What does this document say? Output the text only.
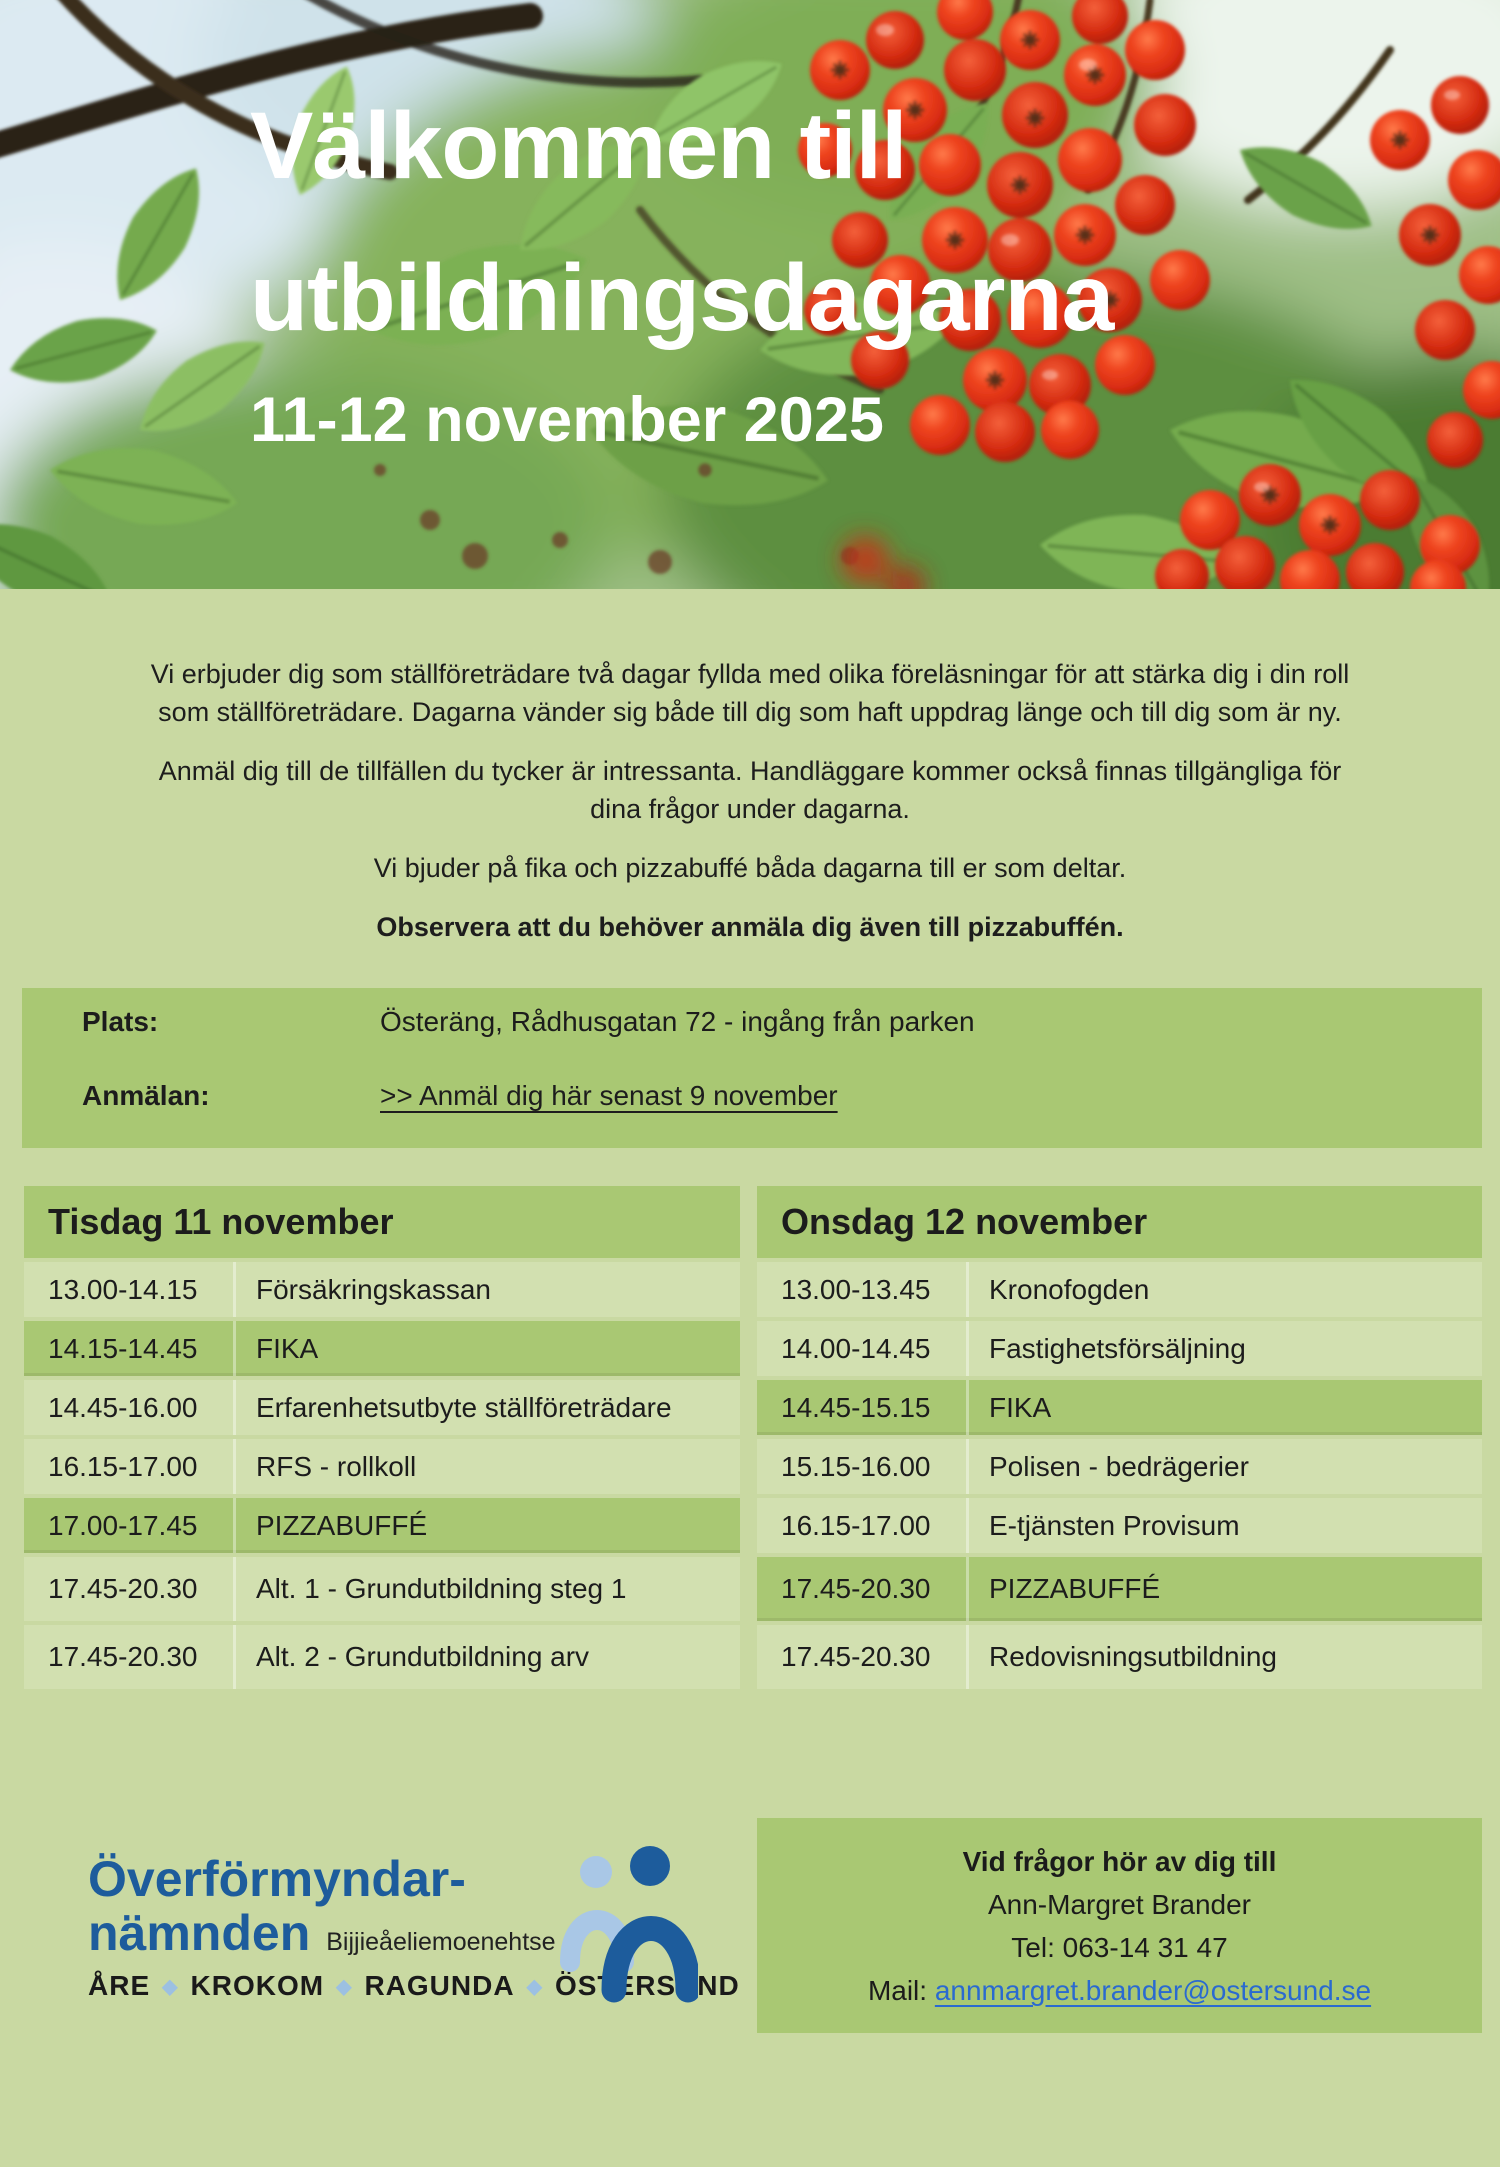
Välkommen till
utbildningsdagarna
11-12 november 2025

Vi erbjuder dig som ställföreträdare två dagar fyllda med olika föreläsningar för att stärka dig i din roll
som ställföreträdare. Dagarna vänder sig både till dig som haft uppdrag länge och till dig som är ny.

Anmäl dig till de tillfällen du tycker är intressanta. Handläggare kommer också finnas tillgängliga för
dina frågor under dagarna.

Vi bjuder på fika och pizzabuffé båda dagarna till er som deltar.

Observera att du behöver anmäla dig även till pizzabuffén.

Plats:	Österäng, Rådhusgatan 72 - ingång från parken
Anmälan:	>> Anmäl dig här senast 9 november
Tisdag 11 november
13.00-14.15	Försäkringskassan
14.15-14.45	FIKA
14.45-16.00	Erfarenhetsutbyte ställföreträdare
16.15-17.00	RFS - rollkoll
17.00-17.45	PIZZABUFFÉ
17.45-20.30	Alt. 1 - Grundutbildning steg 1
17.45-20.30	Alt. 2 - Grundutbildning arv
Onsdag 12 november
13.00-13.45	Kronofogden
14.00-14.45	Fastighetsförsäljning
14.45-15.15	FIKA
15.15-16.00	Polisen - bedrägerier
16.15-17.00	E-tjänsten Provisum
17.45-20.30	PIZZABUFFÉ
17.45-20.30	Redovisningsutbildning
Överförmyndar-
nämnden Bijjieåeliemoenehtse
ÅRE ◆ KROKOM ◆ RAGUNDA ◆ ÖSTERSUND
Vid frågor hör av dig till
Ann-Margret Brander
Tel: 063-14 31 47
Mail: annmargret.brander@ostersund.se
